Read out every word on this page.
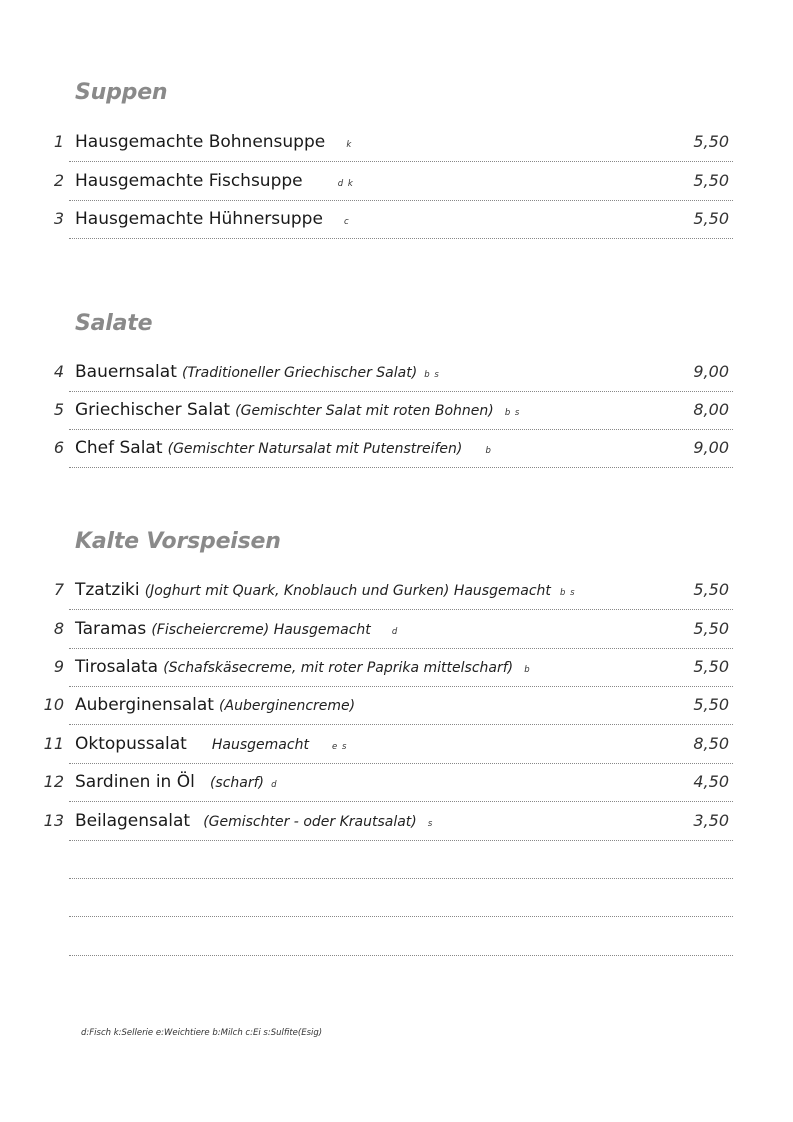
Suppen
Salate
Kalte Vorspeisen
1 Hausgemachte Bohnensuppe k	5,50
2 Hausgemachte Fischsuppe	d k	5,50
3 Hausgemachte Hühnersuppe c	5,50
4 Bauernsalat (Traditioneller Griechischer Salat) b s	9,00
5 Griechischer Salat (Gemischter Salat mit roten Bohnen) b s	8,00
6 Chef Salat (Gemischter Natursalat mit Putenstreifen)	b	9,00
7 Tzatziki (Joghurt mit Quark, Knoblauch und Gurken) Hausgemacht b s	5,50
8 Taramas (Fischeiercreme) Hausgemacht d	5,50
9 Tirosalata (Schafskäsecreme, mit roter Paprika mittelscharf) b	5,50
10 Auberginensalat (Auberginencreme)	5,50
11 Oktopussalat Hausgemacht	e s	8,50
12 Sardinen in Öl (scharf) d	4,50
13 Beilagensalat (Gemischter - oder Krautsalat) s	3,50
d:Fisch k:Sellerie e:Weichtiere b:Milch c:Ei s:Sulfite(Esig)
